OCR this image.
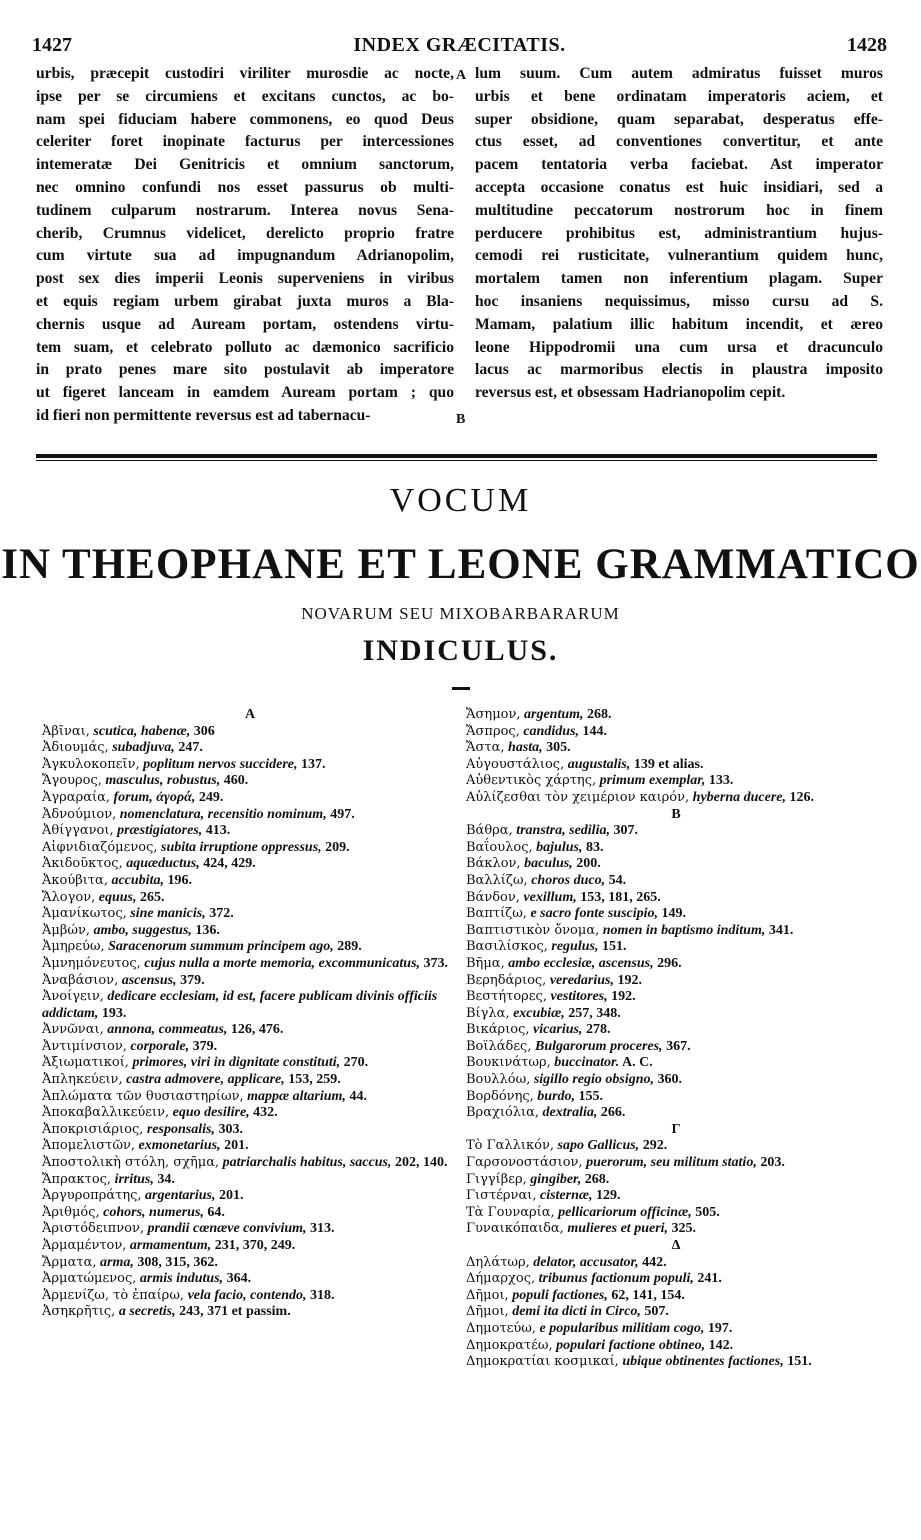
1427	INDEX GRÆCITATIS.	1428
urbis, præcepit custodiri viriliter murosdie ac nocte,
ipse per se circumiens et excitans cunctos, ac bo-
nam spei fiduciam habere commonens, eo quod Deus
celeriter foret inopinate facturus per intercessiones
intemeratæ Dei Genitricis et omnium sanctorum,
nec omnino confundi nos esset passurus ob multi-
tudinem culparum nostrarum. Interea novus Sena-
cherib, Crumnus videlicet, derelicto proprio fratre
cum virtute sua ad impugnandum Adrianopolim,
post sex dies imperii Leonis superveniens in viribus
et equis regiam urbem girabat juxta muros a Bla-
chernis usque ad Auream portam, ostendens virtu-
tem suam, et celebrato polluto ac dæmonico sacrificio
in prato penes mare sito postulavit ab imperatore
ut figeret lanceam in eamdem Auream portam ; quo
id fieri non permittente reversus est ad tabernacu-
lum suum. Cum autem admiratus fuisset muros
urbis et bene ordinatam imperatoris aciem, et
super obsidione, quam separabat, desperatus effe-
ctus esset, ad conventiones convertitur, et ante
pacem tentatoria verba faciebat. Ast imperator
accepta occasione conatus est huic insidiari, sed a
multitudine peccatorum nostrorum hoc in finem
perducere prohibitus est, administrantium hujus-
cemodi rei rusticitate, vulnerantium quidem hunc,
mortalem tamen non inferentium plagam. Super
hoc insaniens nequissimus, misso cursu ad S.
Mamam, palatium illic habitum incendit, et æreo
leone Hippodromii una cum ursa et dracunculo
lacus ac marmoribus electis in plaustra imposito
reversus est, et obsessam Hadrianopolim cepit.
A
B
VOCUM
IN THEOPHANE ET LEONE GRAMMATICO
NOVARUM SEU MIXOBARBARARUM
INDICULUS.
A
Ἀβῖναι, scutica, habenæ, 306
Ἀδιουμάς, subadjuva, 247.
Ἀγκυλοκοπεῖν, poplitum nervos succidere, 137.
Ἄγουρος, masculus, robustus, 460.
Ἀγραραία, forum, ἀγορά, 249.
Ἀδνούμιον, nomenclatura, recensitio nominum, 497.
Ἀθίγγανοι, præstigiatores, 413.
Αἰφνιδιαζόμενος, subita irruptione oppressus, 209.
Ἀκιδοῦκτος, aquæductus, 424, 429.
Ἀκούβιτα, accubita, 196.
Ἄλογον, equus, 265.
Ἀμανίκωτος, sine manicis, 372.
Ἀμβών, ambo, suggestus, 136.
Ἀμηρεύω, Saracenorum summum principem ago, 289.
Ἀμνημόνευτος, cujus nulla a morte memoria, excommunicatus, 373.
Ἀναβάσιον, ascensus, 379.
Ἀνοίγειν, dedicare ecclesiam, id est, facere publicam divinis officiis addictam, 193.
Ἀννῶναι, annona, commeatus, 126, 476.
Ἀντιμίνσιον, corporale, 379.
Ἀξιωματικοί, primores, viri in dignitate constituti, 270.
Ἀπληκεύειν, castra admovere, applicare, 153, 259.
Ἀπλώματα τῶν θυσιαστηρίων, mappæ altarium, 44.
Ἀποκαβαλλικεύειν, equo desilire, 432.
Ἀποκρισιάριος, responsalis, 303.
Ἀπομελιστῶν, exmonetarius, 201.
Ἀποστολικὴ στόλη, σχῆμα, patriarchalis habitus, saccus, 202, 140.
Ἄπρακτος, irritus, 34.
Ἀργυροπράτης, argentarius, 201.
Ἀριθμός, cohors, numerus, 64.
Ἀριστόδειπνον, prandii cœnæve convivium, 313.
Ἀρμαμέντον, armamentum, 231, 370, 249.
Ἄρματα, arma, 308, 315, 362.
Ἀρματώμενος, armis indutus, 364.
Ἀρμενίζω, τὸ ἐπαίρω, vela facio, contendo, 318.
Ἀσηκρῆτις, a secretis, 243, 371 et passim.
Ἄσημον, argentum, 268.
Ἄσπρος, candidus, 144.
Ἄστα, hasta, 305.
Αὐγουστάλιος, augustalis, 139 et alias.
Αὐθεντικὸς χάρτης, primum exemplar, 133.
Αὐλίζεσθαι τὸν χειμέριον καιρόν, hyberna ducere, 126.
B
Βάθρα, transtra, sedilia, 307.
Βαΐουλος, bajulus, 83.
Βάκλον, baculus, 200.
Βαλλίζω, choros duco, 54.
Βάνδον, vexillum, 153, 181, 265.
Βαπτίζω, e sacro fonte suscipio, 149.
Βαπτιστικὸν ὄνομα, nomen in baptismo inditum, 341.
Βασιλίσκος, regulus, 151.
Βῆμα, ambo ecclesiæ, ascensus, 296.
Βερηδάριος, veredarius, 192.
Βεστήτορες, vestitores, 192.
Βίγλα, excubiæ, 257, 348.
Βικάριος, vicarius, 278.
Βοϊλάδες, Bulgarorum proceres, 367.
Βουκινάτωρ, buccinator. A. C.
Βουλλόω, sigillo regio obsigno, 360.
Βορδόνης, burdo, 155.
Βραχιόλια, dextralia, 266.
Γ
Τὸ Γαλλικόν, sapo Gallicus, 292.
Γαρσονοστάσιον, puerorum, seu militum statio, 203.
Γιγγίβερ, gingiber, 268.
Γιστέρναι, cisternæ, 129.
Τὰ Γουναρία, pellicariorum officinæ, 505.
Γυναικόπαιδα, mulieres et pueri, 325.
Δ
Δηλάτωρ, delator, accusator, 442.
Δήμαρχος, tribunus factionum populi, 241.
Δῆμοι, populi factiones, 62, 141, 154.
Δῆμοι, demi ita dicti in Circo, 507.
Δημοτεύω, e popularibus militiam cogo, 197.
Δημοκρατέω, populari factione obtineo, 142.
Δημοκρατίαι κοσμικαί, ubique obtinentes factiones, 151.
